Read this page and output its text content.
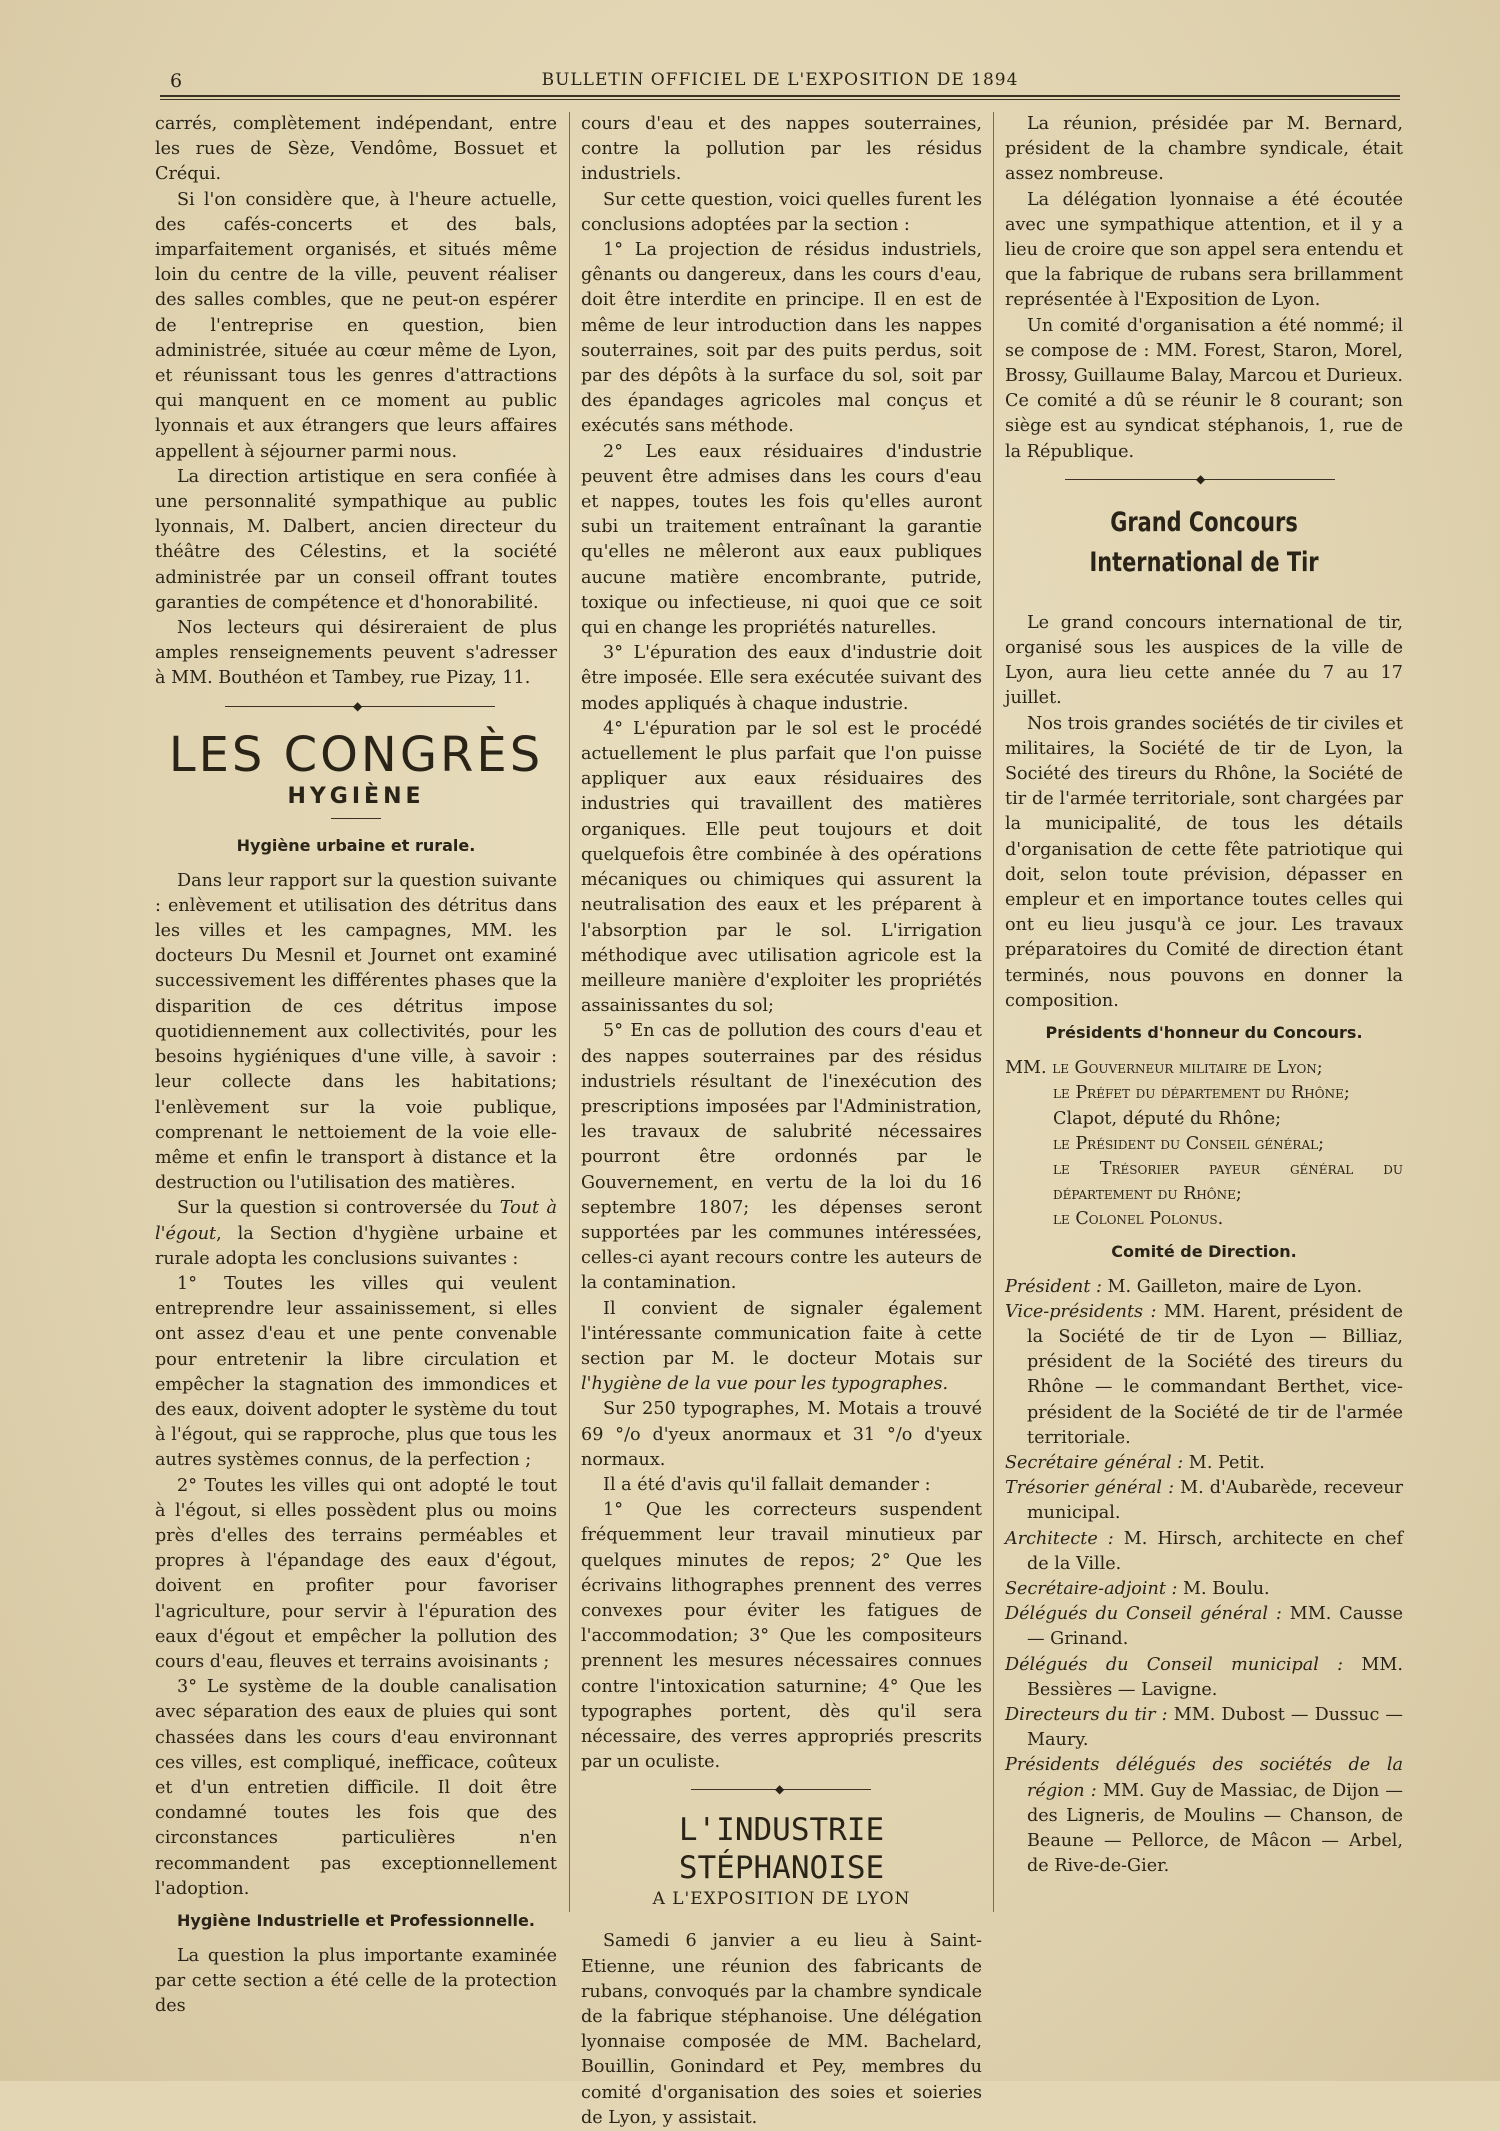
6	BULLETIN OFFICIEL DE L'EXPOSITION DE 1894

carrés, complètement indépendant, entre les rues de Sèze, Vendôme, Bossuet et Créqui.

Si l'on considère que, à l'heure actuelle, des cafés-concerts et des bals, imparfaitement organisés, et situés même loin du centre de la ville, peuvent réaliser des salles combles, que ne peut-on espérer de l'entreprise en question, bien administrée, située au cœur même de Lyon, et réunissant tous les genres d'attractions qui manquent en ce moment au public lyonnais et aux étrangers que leurs affaires appellent à séjourner parmi nous.

La direction artistique en sera confiée à une personnalité sympathique au public lyonnais, M. Dalbert, ancien directeur du théâtre des Célestins, et la société administrée par un conseil offrant toutes garanties de compétence et d'honorabilité.

Nos lecteurs qui désireraient de plus amples renseignements peuvent s'adresser à MM. Bouthéon et Tambey, rue Pizay, 11.

◆
LES CONGRÈS
HYGIÈNE
Hygiène urbaine et rurale.

Dans leur rapport sur la question suivante : enlèvement et utilisation des détritus dans les villes et les campagnes, MM. les docteurs Du Mesnil et Journet ont examiné successivement les différentes phases que la disparition de ces détritus impose quotidiennement aux collectivités, pour les besoins hygiéniques d'une ville, à savoir : leur collecte dans les habitations; l'enlèvement sur la voie publique, comprenant le nettoiement de la voie elle-même et enfin le transport à distance et la destruction ou l'utilisation des matières.

Sur la question si controversée du Tout à l'égout, la Section d'hygiène urbaine et rurale adopta les conclusions suivantes :

1° Toutes les villes qui veulent entreprendre leur assainissement, si elles ont assez d'eau et une pente convenable pour entretenir la libre circulation et empêcher la stagnation des immondices et des eaux, doivent adopter le système du tout à l'égout, qui se rapproche, plus que tous les autres systèmes connus, de la perfection ;

2° Toutes les villes qui ont adopté le tout à l'égout, si elles possèdent plus ou moins près d'elles des terrains perméables et propres à l'épandage des eaux d'égout, doivent en profiter pour favoriser l'agriculture, pour servir à l'épuration des eaux d'égout et empêcher la pollution des cours d'eau, fleuves et terrains avoisinants ;

3° Le système de la double canalisation avec séparation des eaux de pluies qui sont chassées dans les cours d'eau environnant ces villes, est compliqué, inefficace, coûteux et d'un entretien difficile. Il doit être condamné toutes les fois que des circonstances particulières n'en recommandent pas exceptionnellement l'adoption.

Hygiène Industrielle et Professionnelle.

La question la plus importante examinée par cette section a été celle de la protection des

cours d'eau et des nappes souterraines, contre la pollution par les résidus industriels.

Sur cette question, voici quelles furent les conclusions adoptées par la section :

1° La projection de résidus industriels, gênants ou dangereux, dans les cours d'eau, doit être interdite en principe. Il en est de même de leur introduction dans les nappes souterraines, soit par des puits perdus, soit par des dépôts à la surface du sol, soit par des épandages agricoles mal conçus et exécutés sans méthode.

2° Les eaux résiduaires d'industrie peuvent être admises dans les cours d'eau et nappes, toutes les fois qu'elles auront subi un traitement entraînant la garantie qu'elles ne mêleront aux eaux publiques aucune matière encombrante, putride, toxique ou infectieuse, ni quoi que ce soit qui en change les propriétés naturelles.

3° L'épuration des eaux d'industrie doit être imposée. Elle sera exécutée suivant des modes appliqués à chaque industrie.

4° L'épuration par le sol est le procédé actuellement le plus parfait que l'on puisse appliquer aux eaux résiduaires des industries qui travaillent des matières organiques. Elle peut toujours et doit quelquefois être combinée à des opérations mécaniques ou chimiques qui assurent la neutralisation des eaux et les préparent à l'absorption par le sol. L'irrigation méthodique avec utilisation agricole est la meilleure manière d'exploiter les propriétés assainissantes du sol;

5° En cas de pollution des cours d'eau et des nappes souterraines par des résidus industriels résultant de l'inexécution des prescriptions imposées par l'Administration, les travaux de salubrité nécessaires pourront être ordonnés par le Gouvernement, en vertu de la loi du 16 septembre 1807; les dépenses seront supportées par les communes intéressées, celles-ci ayant recours contre les auteurs de la contamination.

Il convient de signaler également l'intéressante communication faite à cette section par M. le docteur Motais sur l'hygiène de la vue pour les typographes.

Sur 250 typographes, M. Motais a trouvé 69 °/o d'yeux anormaux et 31 °/o d'yeux normaux.

Il a été d'avis qu'il fallait demander :

1° Que les correcteurs suspendent fréquemment leur travail minutieux par quelques minutes de repos; 2° Que les écrivains lithographes prennent des verres convexes pour éviter les fatigues de l'accommodation; 3° Que les compositeurs prennent les mesures nécessaires connues contre l'intoxication saturnine; 4° Que les typographes portent, dès qu'il sera nécessaire, des verres appropriés prescrits par un oculiste.

◆
L'INDUSTRIE STÉPHANOISE
A L'EXPOSITION DE LYON

Samedi 6 janvier a eu lieu à Saint-Etienne, une réunion des fabricants de rubans, convoqués par la chambre syndicale de la fabrique stéphanoise. Une délégation lyonnaise composée de MM. Bachelard, Bouillin, Gonindard et Pey, membres du comité d'organisation des soies et soieries de Lyon, y assistait.

La réunion, présidée par M. Bernard, président de la chambre syndicale, était assez nombreuse.

La délégation lyonnaise a été écoutée avec une sympathique attention, et il y a lieu de croire que son appel sera entendu et que la fabrique de rubans sera brillamment représentée à l'Exposition de Lyon.

Un comité d'organisation a été nommé; il se compose de : MM. Forest, Staron, Morel, Brossy, Guillaume Balay, Marcou et Durieux. Ce comité a dû se réunir le 8 courant; son siège est au syndicat stéphanois, 1, rue de la République.

◆
Grand Concours International de Tir

Le grand concours international de tir, organisé sous les auspices de la ville de Lyon, aura lieu cette année du 7 au 17 juillet.

Nos trois grandes sociétés de tir civiles et militaires, la Société de tir de Lyon, la Société des tireurs du Rhône, la Société de tir de l'armée territoriale, sont chargées par la municipalité, de tous les détails d'organisation de cette fête patriotique qui doit, selon toute prévision, dépasser en empleur et en importance toutes celles qui ont eu lieu jusqu'à ce jour. Les travaux préparatoires du Comité de direction étant terminés, nous pouvons en donner la composition.

Présidents d'honneur du Concours.

MM. le Gouverneur militaire de Lyon;

le Préfet du département du Rhône;

Clapot, député du Rhône;

le Président du Conseil général;

le Trésorier payeur général du département du Rhône;

le Colonel Polonus.

Comité de Direction.

Président : M. Gailleton, maire de Lyon.

Vice-présidents : MM. Harent, président de la Société de tir de Lyon — Billiaz, président de la Société des tireurs du Rhône — le commandant Berthet, vice-président de la Société de tir de l'armée territoriale.

Secrétaire général : M. Petit.

Trésorier général : M. d'Aubarède, receveur municipal.

Architecte : M. Hirsch, architecte en chef de la Ville.

Secrétaire-adjoint : M. Boulu.

Délégués du Conseil général : MM. Causse — Grinand.

Délégués du Conseil municipal : MM. Bessières — Lavigne.

Directeurs du tir : MM. Dubost — Dussuc — Maury.

Présidents délégués des sociétés de la région : MM. Guy de Massiac, de Dijon — des Ligneris, de Moulins — Chanson, de Beaune — Pellorce, de Mâcon — Arbel, de Rive-de-Gier.
